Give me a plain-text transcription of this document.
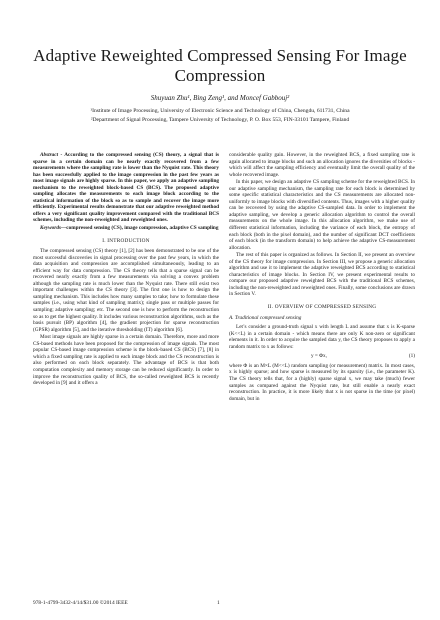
Adaptive Reweighted Compressed Sensing For Image Compression
Shuyuan Zhu¹, Bing Zeng¹, and Moncef Gabbouj²
¹Institute of Image Processing, University of Electronic Science and Technology of China, Chengdu, 611731, China
²Department of Signal Processing, Tampere University of Technology, P. O. Box 553, FIN-33101 Tampere, Finland

Abstract - According to the compressed sensing (CS) theory, a signal that is sparse in a certain domain can be nearly exactly recovered from a few measurements where the sampling rate is lower than the Nyquist rate. This theory has been successfully applied to the image compression in the past few years as most image signals are highly sparse. In this paper, we apply an adaptive sampling mechanism to the reweighted block-based CS (BCS). The proposed adaptive sampling allocates the measurements to each image block according to the statistical information of the block so as to sample and recover the image more efficiently. Experimental results demonstrate that our adaptive reweighted method offers a very significant quality improvement compared with the traditional BCS schemes, including the non-reweighted and reweighted ones.

Keywords—compressed sensing (CS), image compression, adaptive CS sampling

I. INTRODUCTION

The compressed sensing (CS) theory [1], [2] has been demonstrated to be one of the most successful discoveries in signal processing over the past few years, in which the data acquisition and compression are accomplished simultaneously, leading to an efficient way for data compression. The CS theory tells that a sparse signal can be recovered nearly exactly from a few measurements via solving a convex problem although the sampling rate is much lower than the Nyquist rate. There still exist two important challenges within the CS theory [3]. The first one is how to design the sampling mechanism. This includes how many samples to take; how to formulate these samples (i.e., using what kind of sampling matrix); single pass or multiple passes for sampling; adaptive sampling; etc. The second one is how to perform the reconstruction so as to get the highest quality. It includes various reconstruction algorithms, such as the basis pursuit (BP) algorithm [4], the gradient projection for sparse reconstruction (GPSR) algorithm [5], and the iterative thresholding (IT) algorithm [6].

Most image signals are highly sparse in a certain domain. Therefore, more and more CS-based methods have been proposed for the compression of image signals. The most popular CS-based image compression scheme is the block-based CS (BCS) [7], [8] in which a fixed sampling rate is applied to each image block and the CS reconstruction is also performed on each block separately. The advantage of BCS is that both computation complexity and memory storage can be reduced significantly. In order to improve the reconstruction quality of BCS, the so-called reweighted BCS is recently developed in [9] and it offers a

considerable quality gain. However, in the reweighted BCS, a fixed sampling rate is again allocated to image blocks and such an allocation ignores the diversities of blocks - which will affect the sampling efficiency and eventually limit the overall quality of the whole recovered image.

In this paper, we design an adaptive CS sampling scheme for the reweighted BCS. In our adaptive sampling mechanism, the sampling rate for each block is determined by some specific statistical characteristics and the CS measurements are allocated non-uniformly to image blocks with diversified contents. Thus, images with a higher quality can be recovered by using the adaptive CS-sampled data. In order to implement the adaptive sampling, we develop a generic allocation algorithm to control the overall measurements on the whole image. In this allocation algorithm, we make use of different statistical information, including the variance of each block, the entropy of each block (both in the pixel domain), and the number of significant DCT coefficients of each block (in the transform domain) to help achieve the adaptive CS-measurement allocation.

The rest of this paper is organized as follows. In Section II, we present an overview of the CS theory for image compression. In Section III, we propose a generic allocation algorithm and use it to implement the adaptive reweighted BCS according to statistical characteristics of image blocks. In Section IV, we present experimental results to compare our proposed adaptive reweighted BCS with the traditional BCS schemes, including the non-reweighted and reweighted ones. Finally, some conclusions are drawn in Section V.

II. OVERVIEW OF COMPRESSED SENSING
A. Traditional compressed sensing

Let’s consider a ground-truth signal x with length L and assume that x is K-sparse (K<<L) in a certain domain - which means there are only K non-zero or significant elements in it. In order to acquire the sampled data y, the CS theory proposes to apply a random matrix to x as follows:

y = Φx,	(1)

where Φ is an M×L (M<<L) random sampling (or measurement) matrix. In most cases, x is highly sparse; and how sparse is measured by its sparsity (i.e., the parameter K). The CS theory tells that, for a (highly) sparse signal x, we may take (much) fewer samples as compared against the Nyquist rate, but still enable a nearly exact reconstruction. In practice, it is more likely that x is not sparse in the time (or pixel) domain, but in

978-1-4799-3432-4/14/$31.00 ©2014 IEEE	1
